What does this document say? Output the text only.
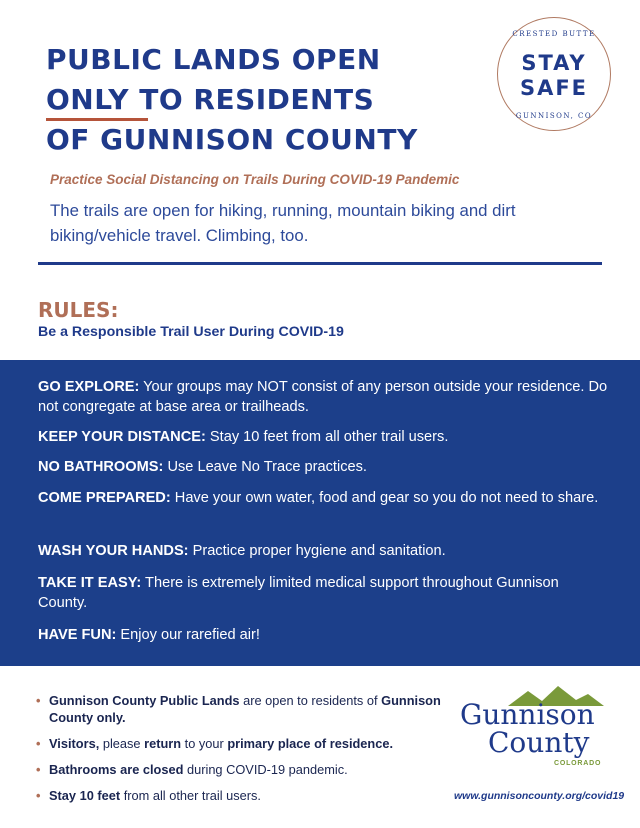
PUBLIC LANDS OPEN
ONLY TO RESIDENTS
OF GUNNISON COUNTY
CRESTED BUTTE
STAY
SAFE
GUNNISON, CO
Practice Social Distancing on Trails During COVID-19 Pandemic
The trails are open for hiking, running, mountain biking and dirt biking/vehicle travel. Climbing, too.
RULES:
Be a Responsible Trail User During COVID-19
GO EXPLORE: Your groups may NOT consist of any person outside your residence. Do not congregate at base area or trailheads.
KEEP YOUR DISTANCE: Stay 10 feet from all other trail users.
NO BATHROOMS: Use Leave No Trace practices.
COME PREPARED: Have your own water, food and gear so you do not need to share.
WASH YOUR HANDS: Practice proper hygiene and sanitation.
TAKE IT EASY: There is extremely limited medical support throughout Gunnison County.
HAVE FUN: Enjoy our rarefied air!
• Gunnison County Public Lands are open to residents of Gunnison County only.
• Visitors, please return to your primary place of residence.
• Bathrooms are closed during COVID-19 pandemic.
• Stay 10 feet from all other trail users.
Gunnison
County
COLORADO
www.gunnisoncounty.org/covid19
